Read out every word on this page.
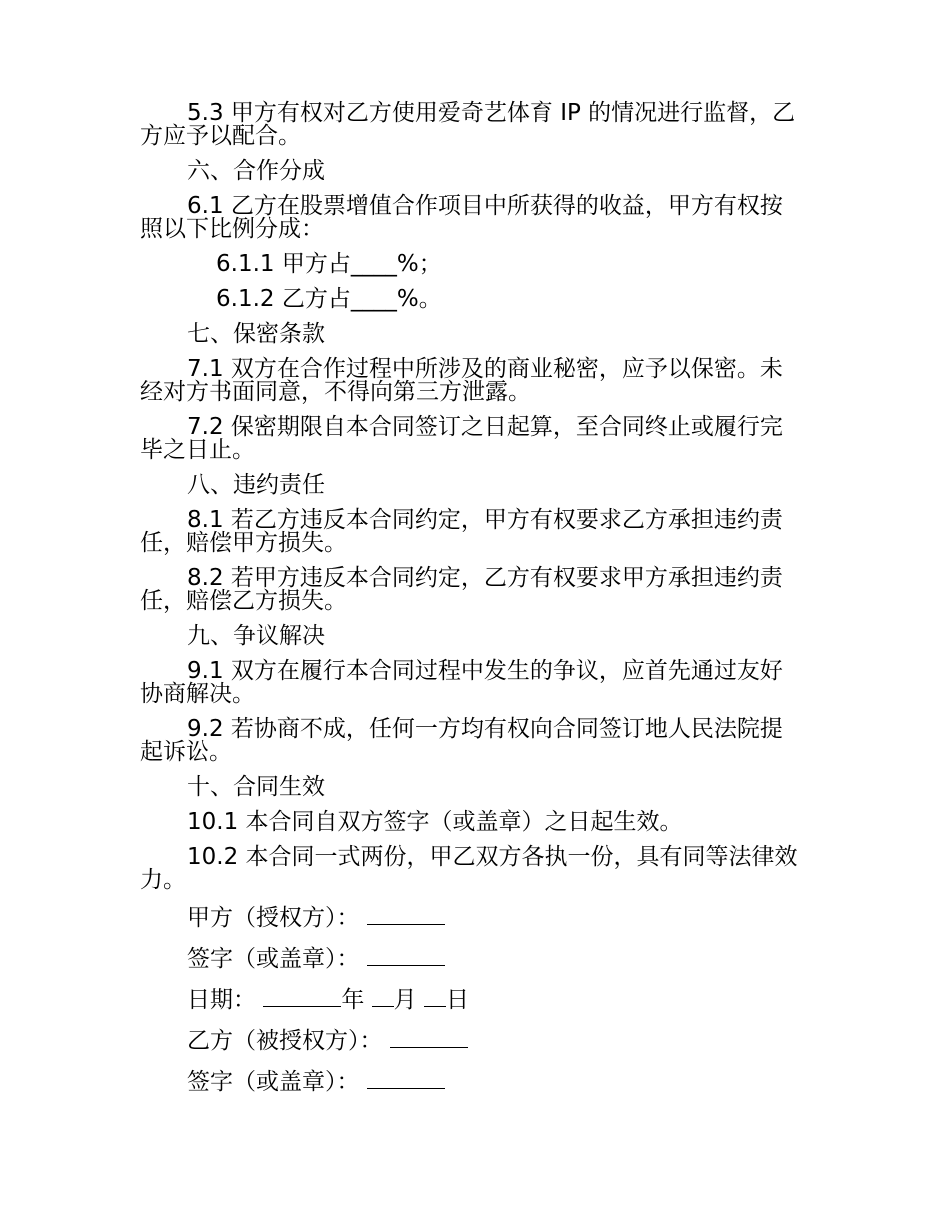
5.3 甲方有权对乙方使用爱奇艺体育 IP 的情况进行监督，乙方应予以配合。

六、合作分成

6.1 乙方在股票增值合作项目中所获得的收益，甲方有权按照以下比例分成：

6.1.1 甲方占____%；

6.1.2 乙方占____%。

七、保密条款

7.1 双方在合作过程中所涉及的商业秘密，应予以保密。未经对方书面同意，不得向第三方泄露。

7.2 保密期限自本合同签订之日起算，至合同终止或履行完毕之日止。

八、违约责任

8.1 若乙方违反本合同约定，甲方有权要求乙方承担违约责任，赔偿甲方损失。

8.2 若甲方违反本合同约定，乙方有权要求甲方承担违约责任，赔偿乙方损失。

九、争议解决

9.1 双方在履行本合同过程中发生的争议，应首先通过友好协商解决。

9.2 若协商不成，任何一方均有权向合同签订地人民法院提起诉讼。

十、合同生效

10.1 本合同自双方签字（或盖章）之日起生效。

10.2 本合同一式两份，甲乙双方各执一份，具有同等法律效力。

甲方（授权方）：
签字（或盖章）：
日期：	年 月 日
乙方（被授权方）：
签字（或盖章）：
